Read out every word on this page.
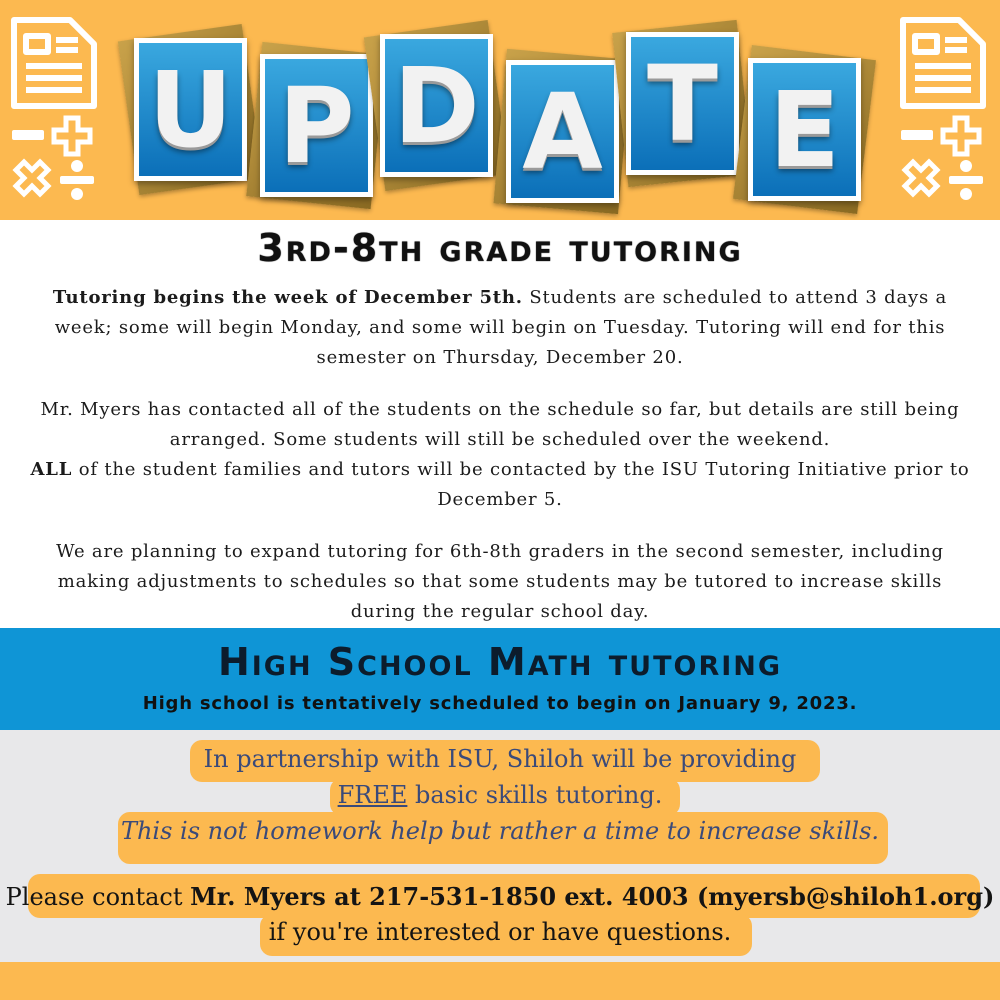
U P D A T E
3rd-8th grade tutoring
Tutoring begins the week of December 5th. Students are scheduled to attend 3 days a week; some will begin Monday, and some will begin on Tuesday. Tutoring will end for this semester on Thursday, December 20.
Mr. Myers has contacted all of the students on the schedule so far, but details are still being arranged. Some students will still be scheduled over the weekend.
ALL of the student families and tutors will be contacted by the ISU Tutoring Initiative prior to December 5.
We are planning to expand tutoring for 6th-8th graders in the second semester, including making adjustments to schedules so that some students may be tutored to increase skills during the regular school day.
High School Math tutoring
High school is tentatively scheduled to begin on January 9, 2023.
In partnership with ISU, Shiloh will be providing
FREE basic skills tutoring.
This is not homework help but rather a time to increase skills.
Please contact Mr. Myers at 217-531-1850 ext. 4003 (myersb@shiloh1.org)
if you're interested or have questions.
